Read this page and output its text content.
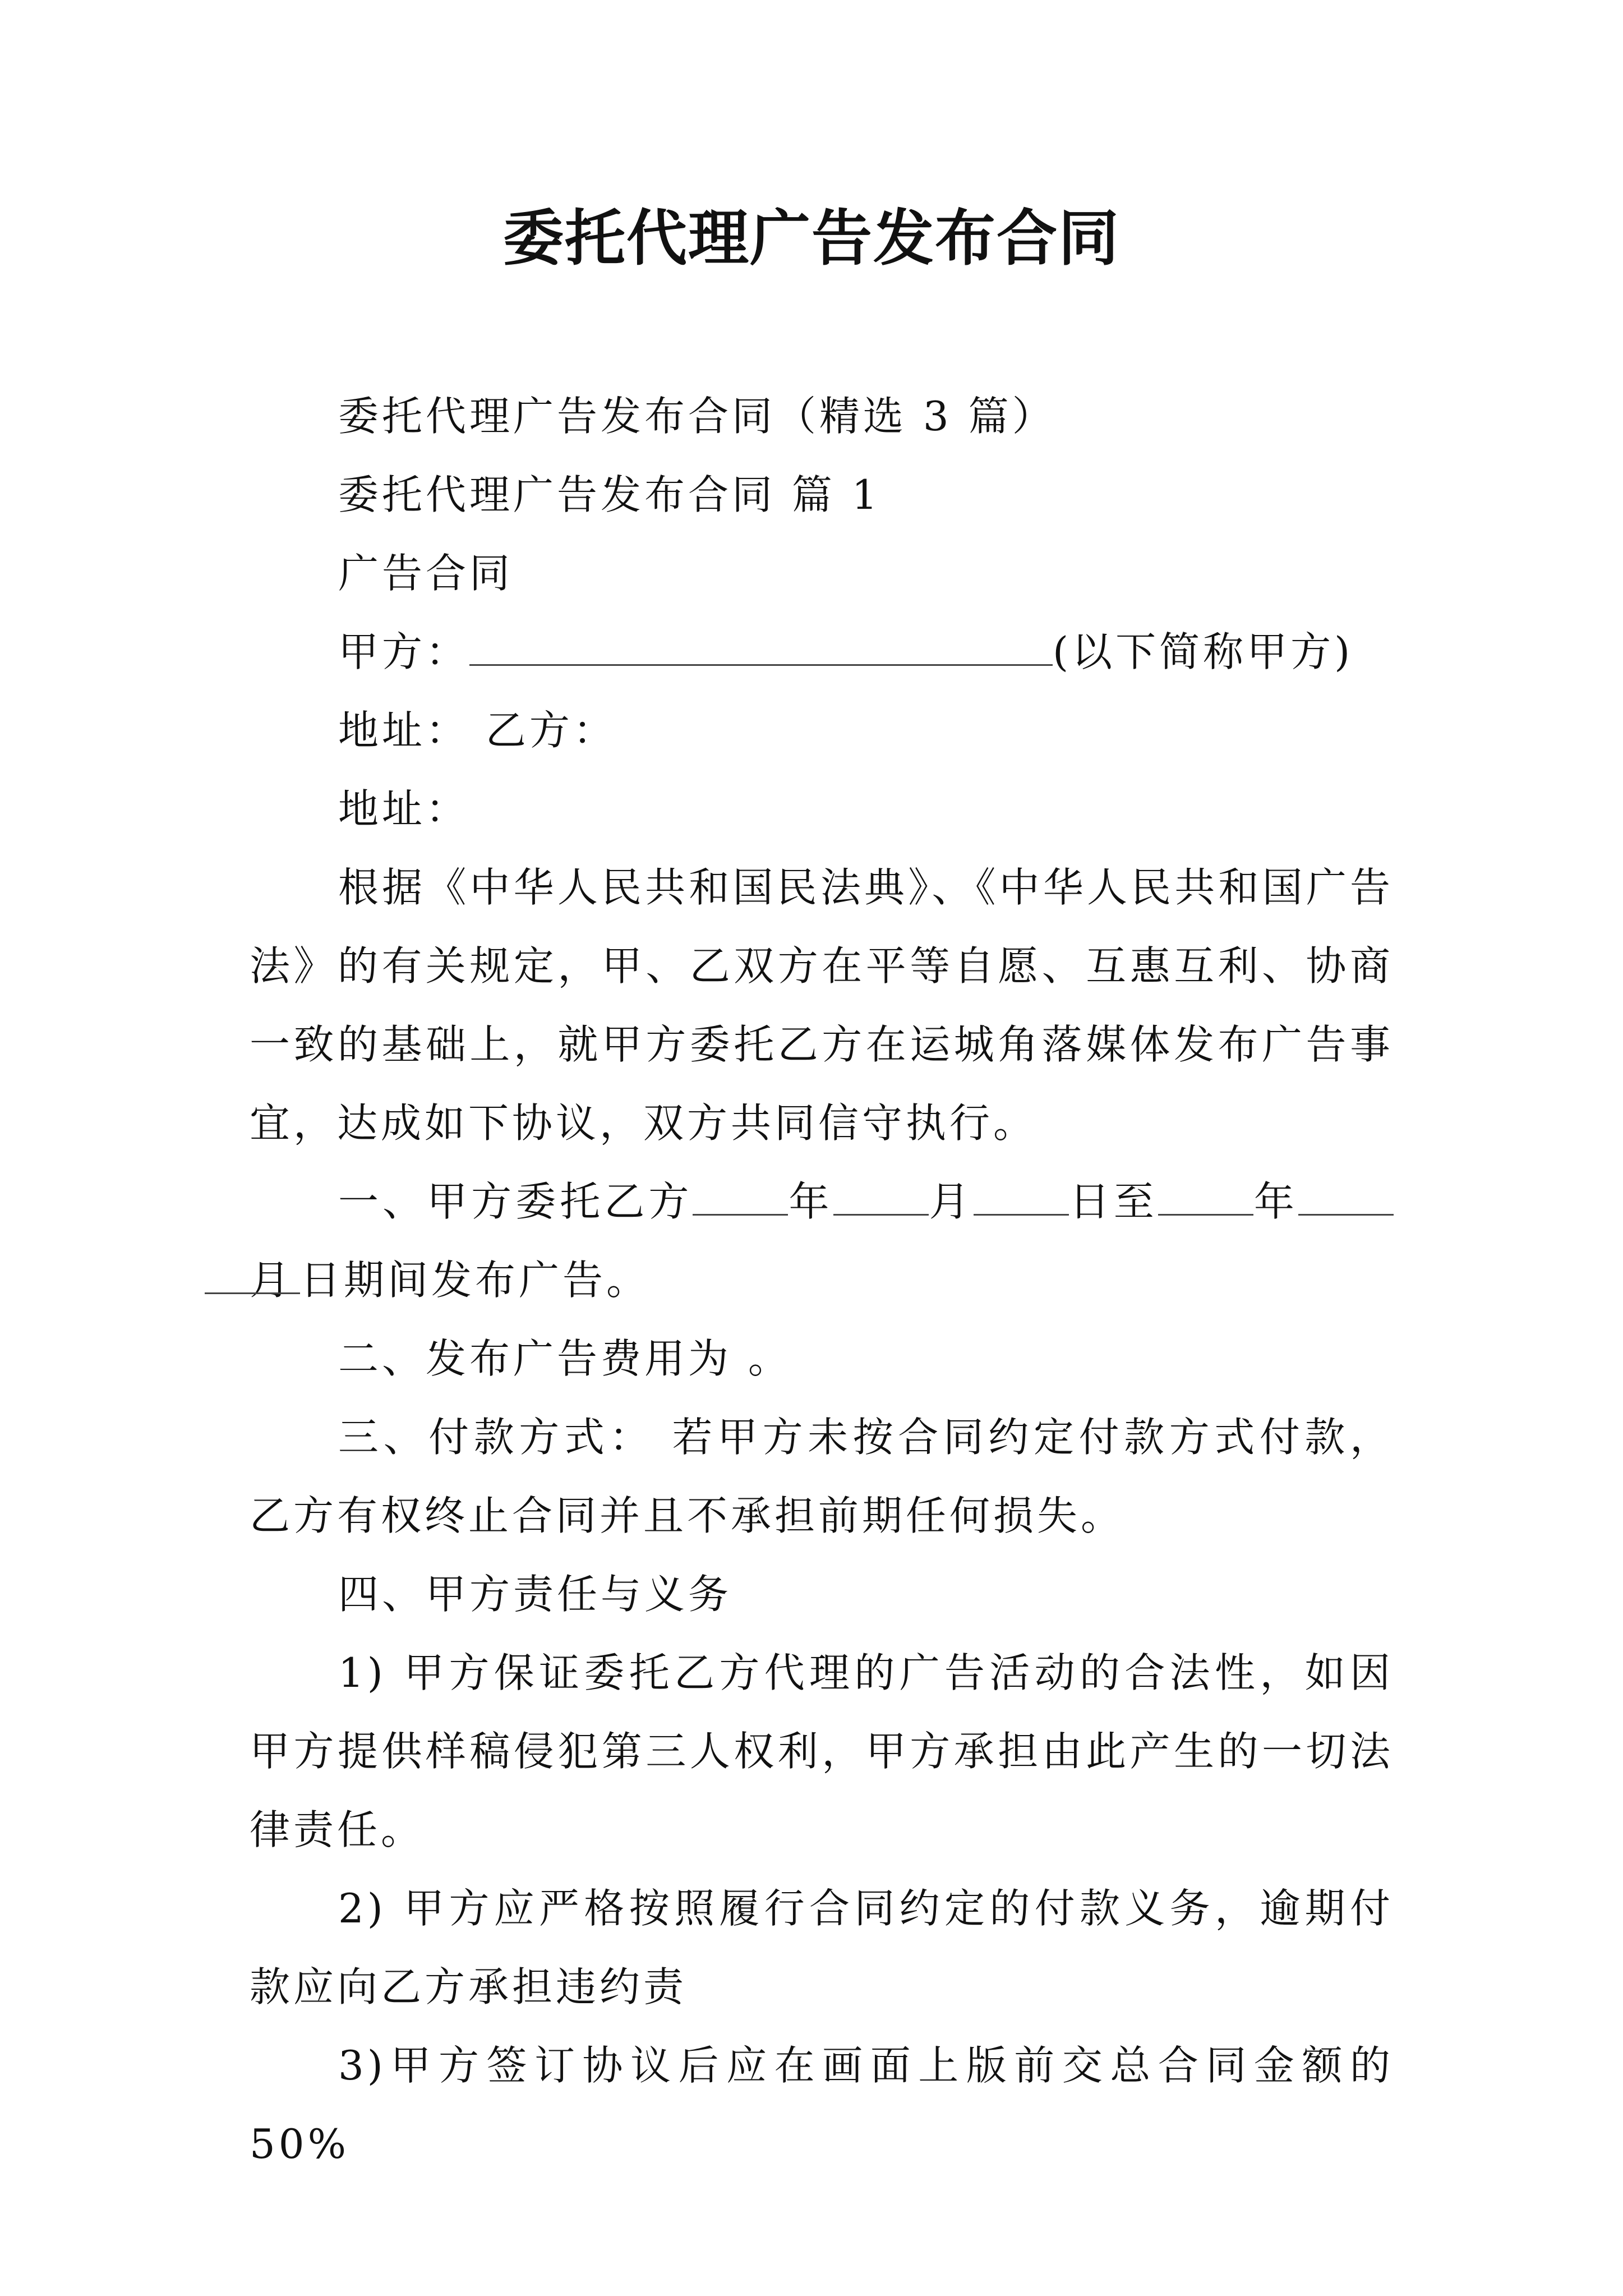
委托代理广告发布合同

委托代理广告发布合同（精选 3 篇）

委托代理广告发布合同 篇 1

广告合同

甲方：	(以下简称甲方)

地址： 乙方：

地址：

根据《中华人民共和国民法典》、《中华人民共和国广告法》的有关规定，甲、乙双方在平等自愿、互惠互利、协商一致的基础上，就甲方委托乙方在运城角落媒体发布广告事宜，达成如下协议，双方共同信守执行。

一、甲方委托乙方 年 月 日至 年月 日期间发布广告。

二、发布广告费用为 。

三、付款方式： 若甲方未按合同约定付款方式付款，乙方有权终止合同并且不承担前期任何损失。

四、甲方责任与义务

1) 甲方保证委托乙方代理的广告活动的合法性，如因甲方提供样稿侵犯第三人权利，甲方承担由此产生的一切法律责任。

2) 甲方应严格按照履行合同约定的付款义务，逾期付款应向乙方承担违约责

3)甲方签订协议后应在画面上版前交总合同金额的50%
